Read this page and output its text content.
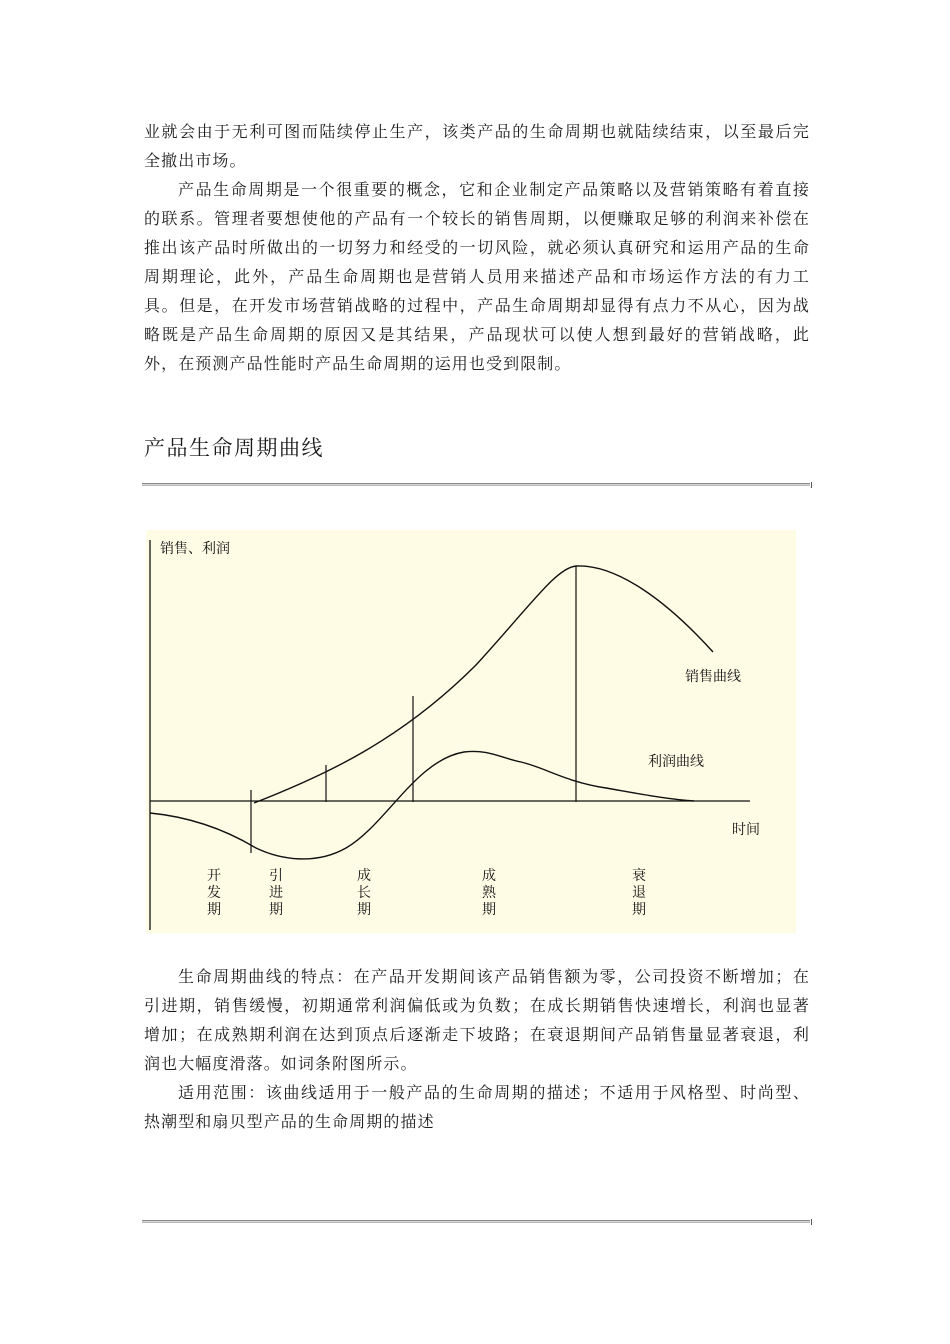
业就会由于无利可图而陆续停止生产，该类产品的生命周期也就陆续结束，以至最后完全撤出市场。

产品生命周期是一个很重要的概念，它和企业制定产品策略以及营销策略有着直接的联系。管理者要想使他的产品有一个较长的销售周期，以便赚取足够的利润来补偿在推出该产品时所做出的一切努力和经受的一切风险，就必须认真研究和运用产品的生命周期理论，此外，产品生命周期也是营销人员用来描述产品和市场运作方法的有力工具。但是，在开发市场营销战略的过程中，产品生命周期却显得有点力不从心，因为战略既是产品生命周期的原因又是其结果，产品现状可以使人想到最好的营销战略，此外，在预测产品性能时产品生命周期的运用也受到限制。

产品生命周期曲线
销售、利润
时间
销售曲线
利润曲线
开发期
引进期
成长期
成熟期
衰退期

生命周期曲线的特点：在产品开发期间该产品销售额为零，公司投资不断增加；在引进期，销售缓慢，初期通常利润偏低或为负数；在成长期销售快速增长，利润也显著增加；在成熟期利润在达到顶点后逐渐走下坡路；在衰退期间产品销售量显著衰退，利润也大幅度滑落。如词条附图所示。

适用范围：该曲线适用于一般产品的生命周期的描述；不适用于风格型、时尚型、热潮型和扇贝型产品的生命周期的描述
